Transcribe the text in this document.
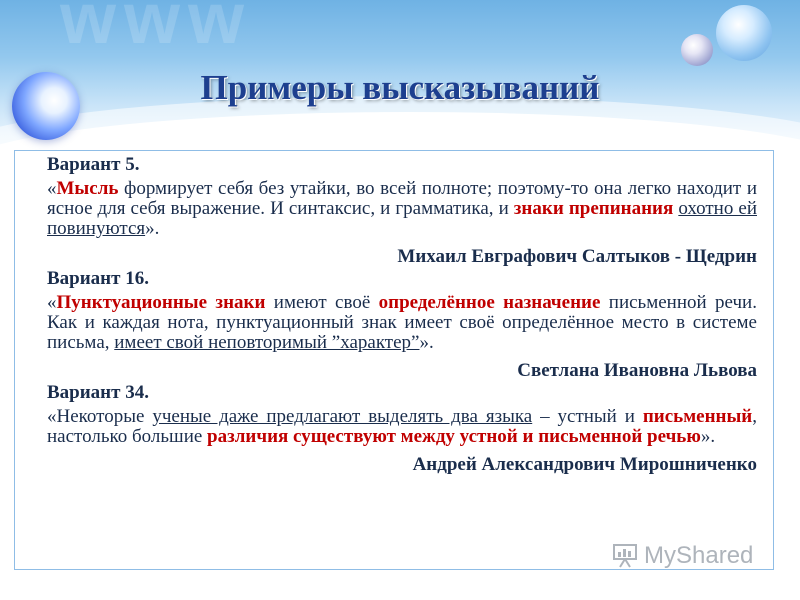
www
Примеры высказываний
Вариант 5.
«Мысль формирует себя без утайки, во всей полноте; поэтому-то она легко находит и ясное для себя выражение. И синтаксис, и грамматика, и знаки препинания охотно ей повинуются».
Михаил Евграфович Салтыков - Щедрин
Вариант 16.
«Пунктуационные знаки имеют своё определённое назначение письменной речи. Как и каждая нота, пунктуационный знак имеет своё определённое место в системе письма, имеет свой неповторимый ”характер”».
Светлана Ивановна Львова
Вариант 34.
«Некоторые ученые даже предлагают выделять два языка – устный и письменный, настолько большие различия существуют между устной и письменной речью».
Андрей Александрович Мирошниченко
MyShared
